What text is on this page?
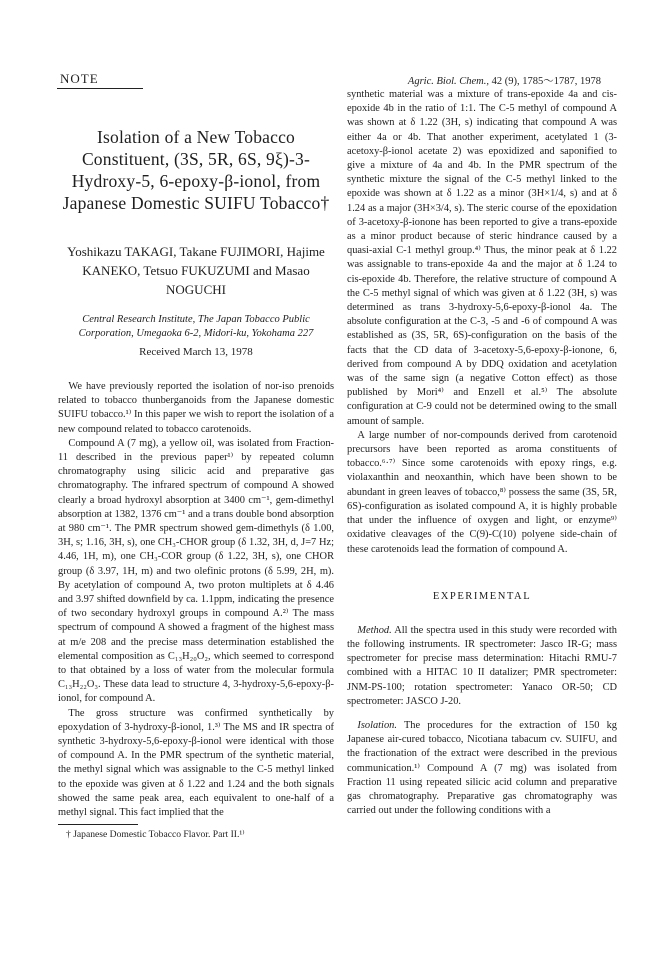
NOTE	Agric. Biol. Chem., 42 (9), 1785～1787, 1978
Isolation of a New Tobacco Constituent, (3S, 5R, 6S, 9ξ)-3-Hydroxy-5, 6-epoxy-β-ionol, from Japanese Domestic SUIFU Tobacco†
Yoshikazu TAKAGI, Takane FUJIMORI, Hajime KANEKO, Tetsuo FUKUZUMI and Masao NOGUCHI
Central Research Institute, The Japan Tobacco Public Corporation, Umegaoka 6-2, Midori-ku, Yokohama 227
Received March 13, 1978

We have previously reported the isolation of nor-iso prenoids related to tobacco thunberganoids from the Japanese domestic SUIFU tobacco.¹⁾ In this paper we wish to report the isolation of a new compound related to tobacco carotenoids.

Compound A (7 mg), a yellow oil, was isolated from Fraction-11 described in the previous paper¹⁾ by repeated column chromatography using silicic acid and preparative gas chromatography. The infrared spectrum of compound A showed clearly a broad hydroxyl absorption at 3400 cm⁻¹, gem-dimethyl absorption at 1382, 1376 cm⁻¹ and a trans double bond absorption at 980 cm⁻¹. The PMR spectrum showed gem-dimethyls (δ 1.00, 3H, s; 1.16, 3H, s), one CH₃-CHOR group (δ 1.32, 3H, d, J=7 Hz; 4.46, 1H, m), one CH₃-COR group (δ 1.22, 3H, s), one CHOR group (δ 3.97, 1H, m) and two olefinic protons (δ 5.99, 2H, m). By acetylation of compound A, two proton multiplets at δ 4.46 and 3.97 shifted downfield by ca. 1.1ppm, indicating the presence of two secondary hydroxyl groups in compound A.²⁾ The mass spectrum of compound A showed a fragment of the highest mass at m/e 208 and the precise mass determination established the elemental composition as C₁₃H₂₀O₂, which seemed to correspond to that obtained by a loss of water from the molecular formula C₁₃H₂₂O₃. These data lead to structure 4, 3-hydroxy-5,6-epoxy-β-ionol, for compound A.

The gross structure was confirmed synthetically by epoxydation of 3-hydroxy-β-ionol, 1.³⁾ The MS and IR spectra of synthetic 3-hydroxy-5,6-epoxy-β-ionol were identical with those of compound A. In the PMR spectrum of the synthetic material, the methyl signal which was assignable to the C-5 methyl linked to the epoxide was given at δ 1.22 and 1.24 and the both signals showed the same peak area, each equivalent to one-half of a methyl signal. This fact implied that the

† Japanese Domestic Tobacco Flavor. Part II.¹⁾

synthetic material was a mixture of trans-epoxide 4a and cis-epoxide 4b in the ratio of 1:1. The C-5 methyl of compound A was shown at δ 1.22 (3H, s) indicating that compound A was either 4a or 4b. That another experiment, acetylated 1 (3-acetoxy-β-ionol acetate 2) was epoxidized and saponified to give a mixture of 4a and 4b. In the PMR spectrum of the synthetic mixture the signal of the C-5 methyl linked to the epoxide was shown at δ 1.22 as a minor (3H×1/4, s) and at δ 1.24 as a major (3H×3/4, s). The steric course of the epoxidation of 3-acetoxy-β-ionone has been reported to give a trans-epoxide as a minor product because of steric hindrance caused by a quasi-axial C-1 methyl group.⁴⁾ Thus, the minor peak at δ 1.22 was assignable to trans-epoxide 4a and the major at δ 1.24 to cis-epoxide 4b. Therefore, the relative structure of compound A the C-5 methyl signal of which was given at δ 1.22 (3H, s) was determined as trans 3-hydroxy-5,6-epoxy-β-ionol 4a. The absolute configuration at the C-3, -5 and -6 of compound A was established as (3S, 5R, 6S)-configuration on the basis of the facts that the CD data of 3-acetoxy-5,6-epoxy-β-ionone, 6, derived from compound A by DDQ oxidation and acetylation was of the same sign (a negative Cotton effect) as those published by Mori⁴⁾ and Enzell et al.⁵⁾ The absolute configuration at C-9 could not be determined owing to the small amount of sample.

A large number of nor-compounds derived from carotenoid precursors have been reported as aroma constituents of tobacco.⁶·⁷⁾ Since some carotenoids with epoxy rings, e.g. violaxanthin and neoxanthin, which have been shown to be abundant in green leaves of tobacco,⁸⁾ possess the same (3S, 5R, 6S)-configuration as isolated compound A, it is highly probable that under the influence of oxygen and light, or enzyme⁹⁾ oxidative cleavages of the C(9)-C(10) polyene side-chain of these carotenoids lead the formation of compound A.

EXPERIMENTAL

Method. All the spectra used in this study were recorded with the following instruments. IR spectrometer: Jasco IR-G; mass spectrometer for precise mass determination: Hitachi RMU-7 combined with a HITAC 10 II datalizer; PMR spectrometer: JNM-PS-100; rotation spectrometer: Yanaco OR-50; CD spectrometer: JASCO J-20.

Isolation. The procedures for the extraction of 150 kg Japanese air-cured tobacco, Nicotiana tabacum cv. SUIFU, and the fractionation of the extract were described in the previous communication.¹⁾ Compound A (7 mg) was isolated from Fraction 11 using repeated silicic acid column and preparative gas chromatography. Preparative gas chromatography was carried out under the following conditions with a
